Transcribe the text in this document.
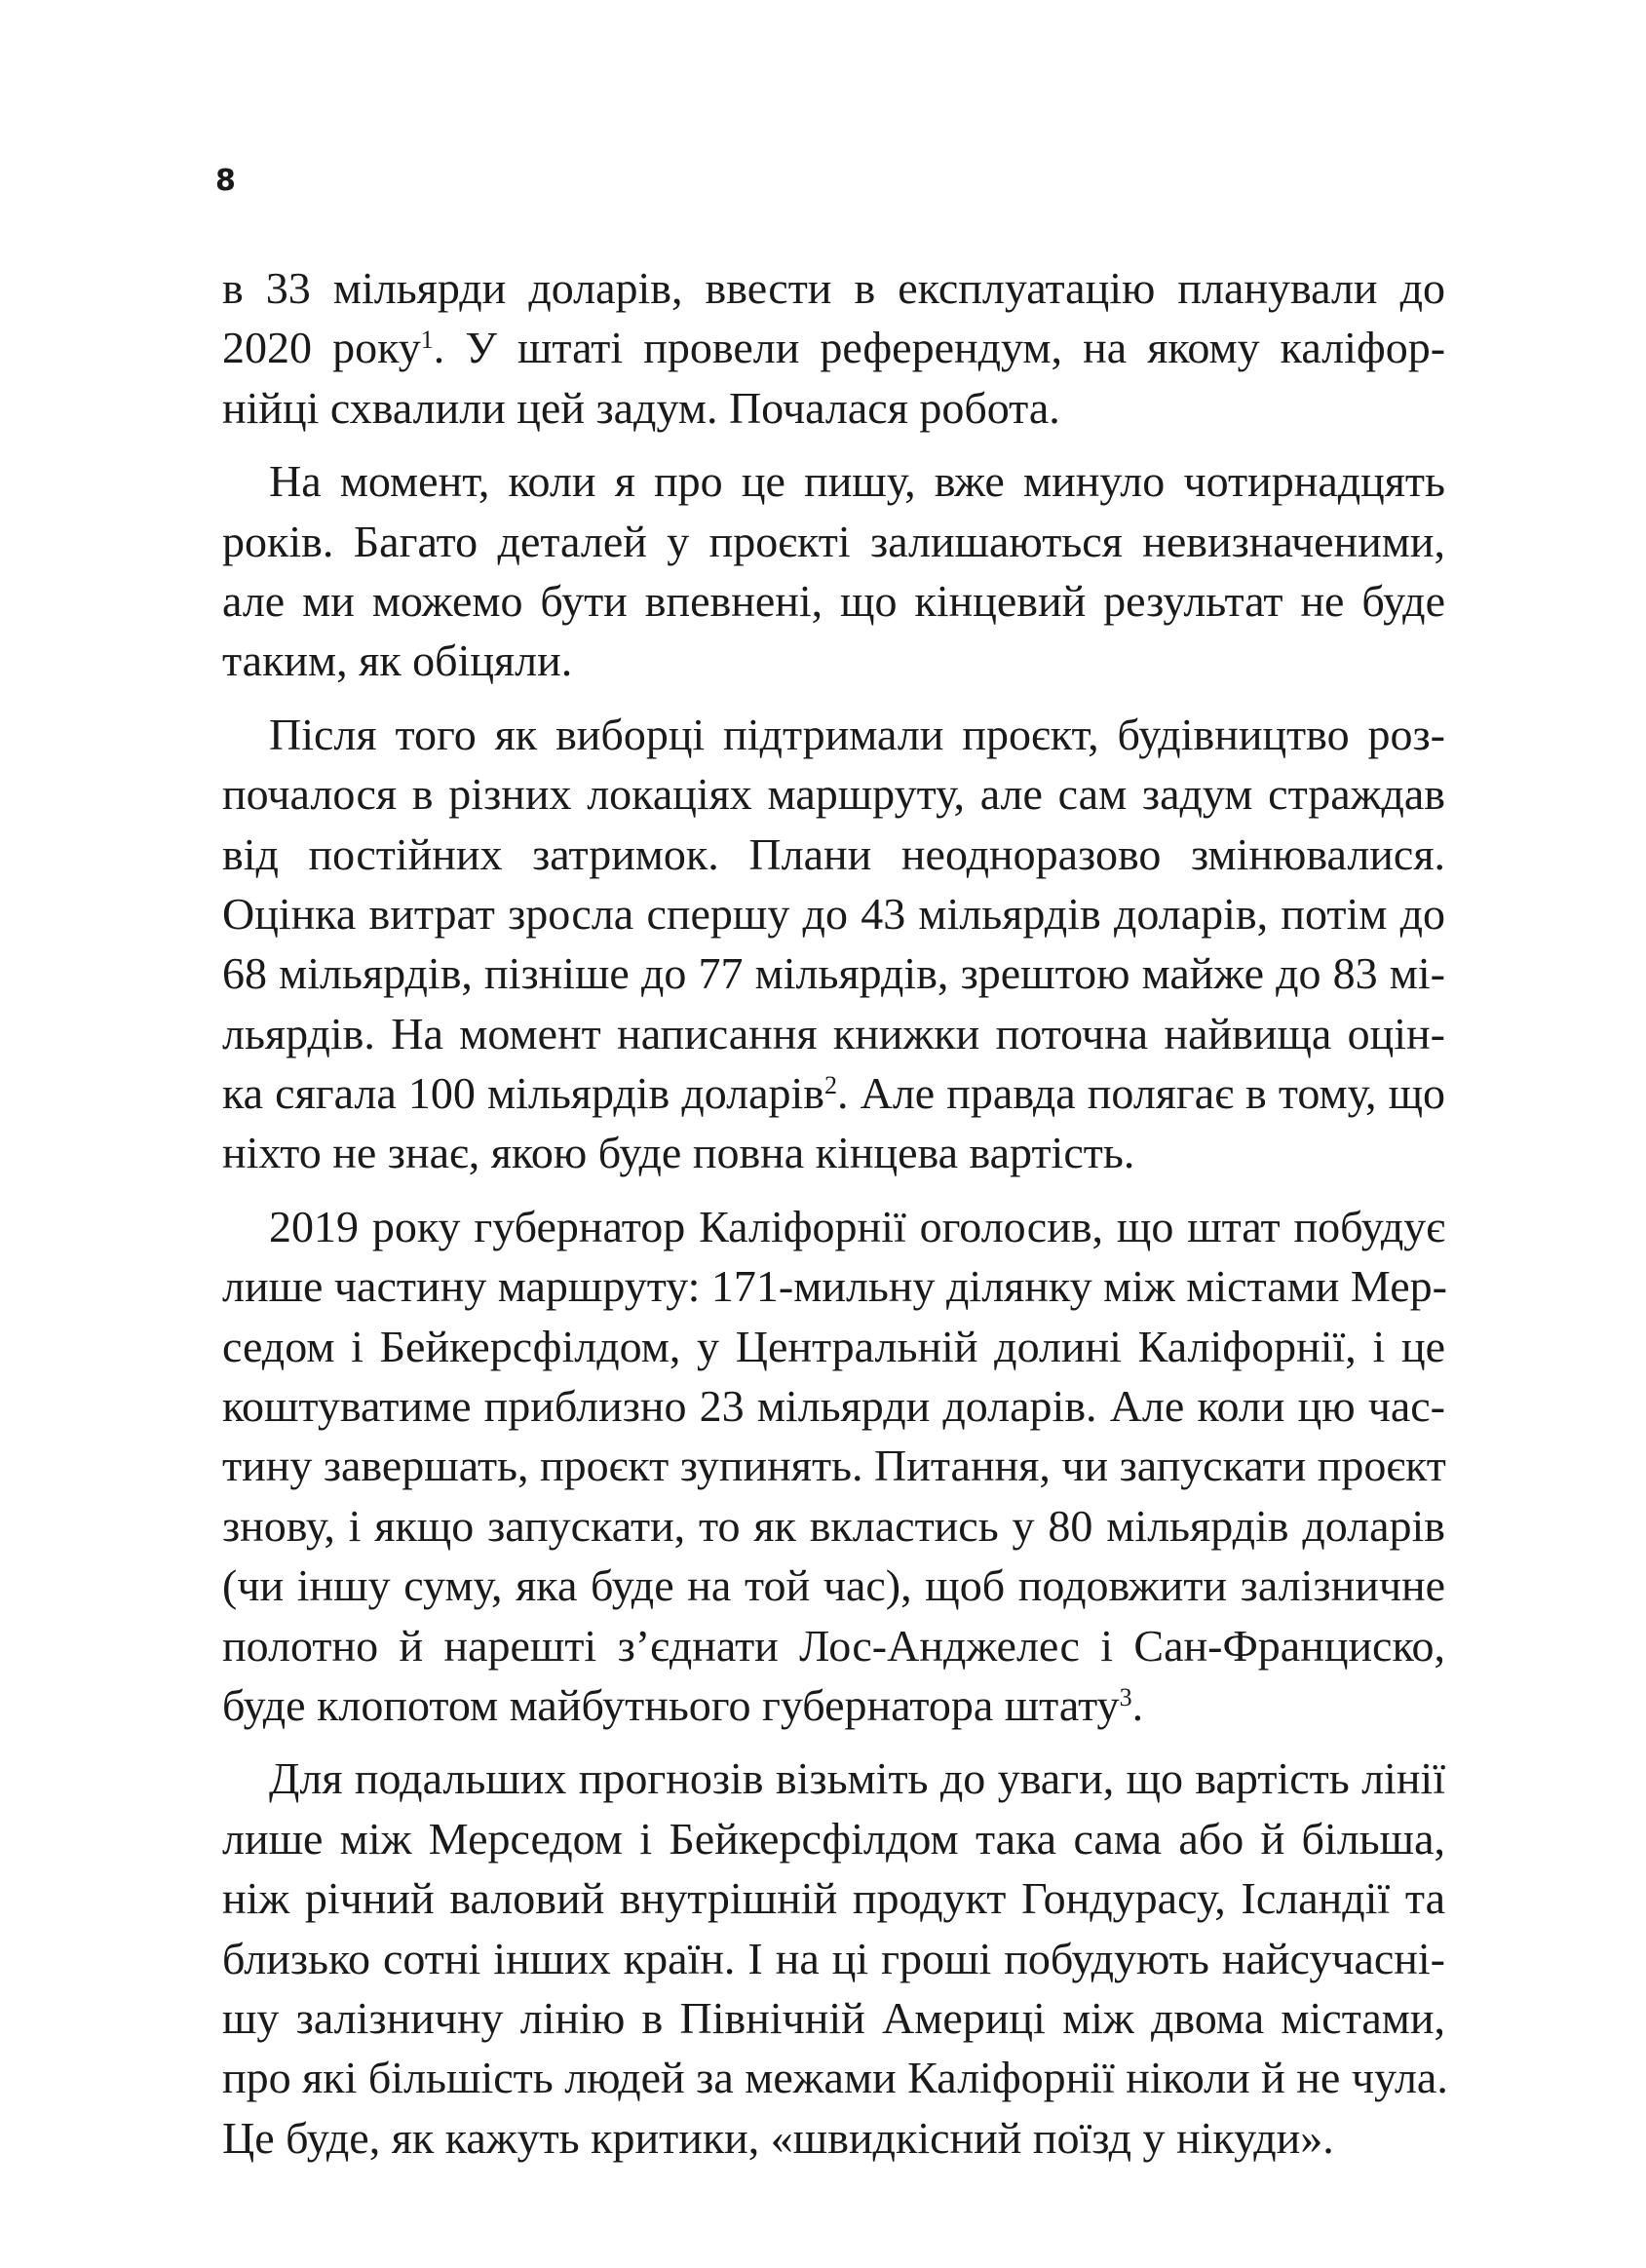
8
в 33 мільярди доларів, ввести в експлуатацію планували до
2020 року$^1$. У штаті провели референдум, на якому каліфор-
нійці схвалили цей задум. Почалася робота.
На момент, коли я про це пишу, вже минуло чотирнадцять
років. Багато деталей у проєкті залишаються невизначеними,
але ми можемо бути впевнені, що кінцевий результат не буде
таким, як обіцяли.
Після того як виборці підтримали проєкт, будівництво роз-
почалося в різних локаціях маршруту, але сам задум страждав
від постійних затримок. Плани неодноразово змінювалися.
Оцінка витрат зросла спершу до 43 мільярдів доларів, потім до
68 мільярдів, пізніше до 77 мільярдів, зрештою майже до 83 мі-
льярдів. На момент написання книжки поточна найвища оцін-
ка сягала 100 мільярдів доларів$^2$. Але правда полягає в тому, що
ніхто не знає, якою буде повна кінцева вартість.
2019 року губернатор Каліфорнії оголосив, що штат побудує
лише частину маршруту: 171-мильну ділянку між містами Мер-
седом і Бейкерсфілдом, у Центральній долині Каліфорнії, і це
коштуватиме приблизно 23 мільярди доларів. Але коли цю час-
тину завершать, проєкт зупинять. Питання, чи запускати проєкт
знову, і якщо запускати, то як вкластись у 80 мільярдів доларів
(чи іншу суму, яка буде на той час), щоб подовжити залізничне
полотно й нарешті з’єднати Лос-Анджелес і Сан-Франциско,
буде клопотом майбутнього губернатора штату$^3$.
Для подальших прогнозів візьміть до уваги, що вартість лінії
лише між Мерседом і Бейкерсфілдом така сама або й більша,
ніж річний валовий внутрішній продукт Гондурасу, Ісландії та
близько сотні інших країн. І на ці гроші побудують найсучасні-
шу залізничну лінію в Північній Америці між двома містами,
про які більшість людей за межами Каліфорнії ніколи й не чула.
Це буде, як кажуть критики, «швидкісний поїзд у нікуди».
